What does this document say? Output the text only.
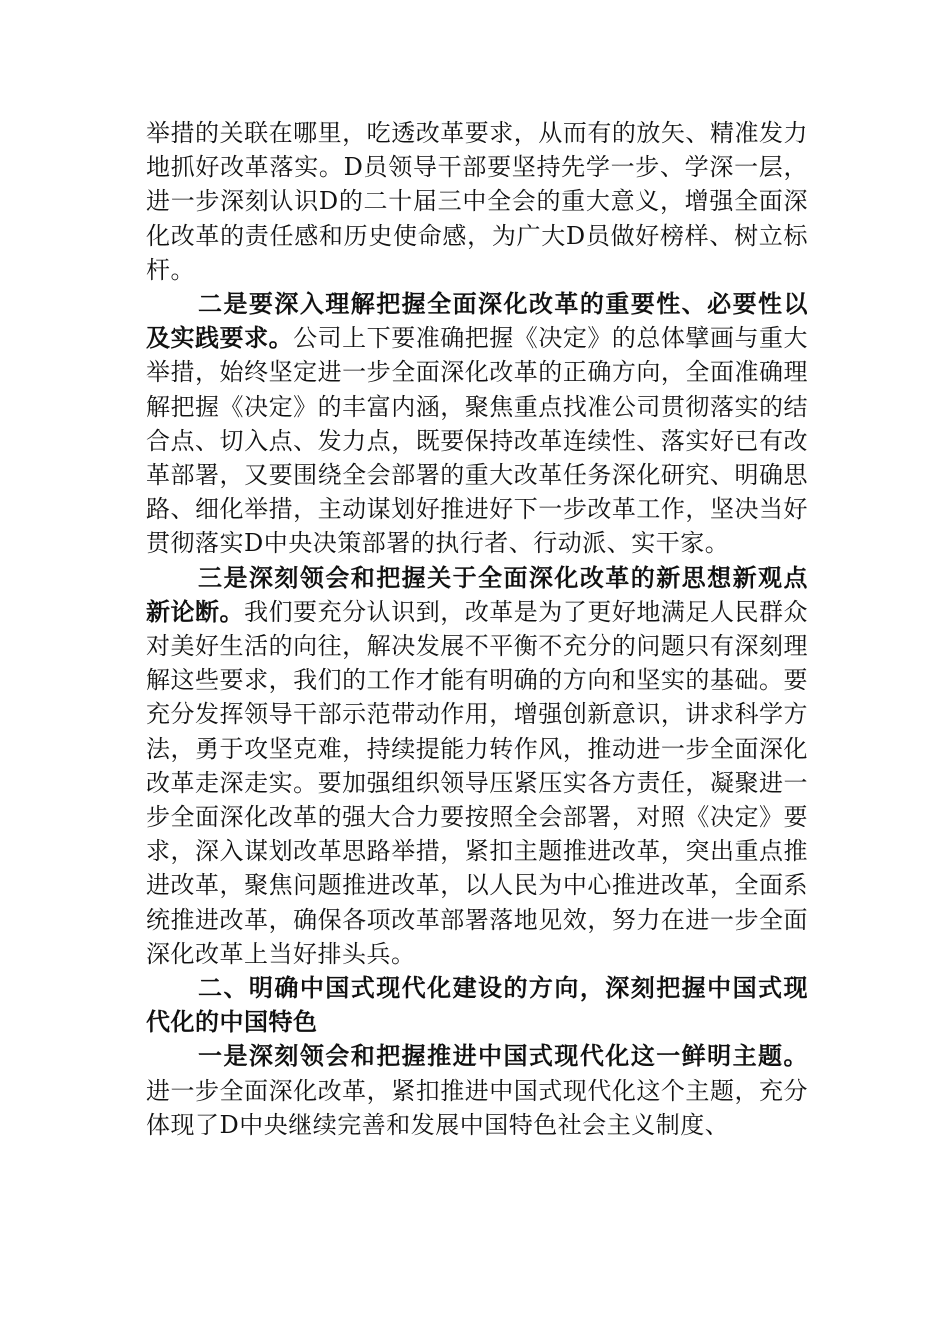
举措的关联在哪里，吃透改革要求，从而有的放矢、精准发力地抓好改革落实。D员领导干部要坚持先学一步、学深一层，进一步深刻认识D的二十届三中全会的重大意义，增强全面深化改革的责任感和历史使命感，为广大D员做好榜样、树立标杆。

二是要深入理解把握全面深化改革的重要性、必要性以及实践要求。公司上下要准确把握《决定》的总体擘画与重大举措，始终坚定进一步全面深化改革的正确方向，全面准确理解把握《决定》的丰富内涵，聚焦重点找准公司贯彻落实的结合点、切入点、发力点，既要保持改革连续性、落实好已有改革部署，又要围绕全会部署的重大改革任务深化研究、明确思路、细化举措，主动谋划好推进好下一步改革工作，坚决当好贯彻落实D中央决策部署的执行者、行动派、实干家。

三是深刻领会和把握关于全面深化改革的新思想新观点新论断。我们要充分认识到，改革是为了更好地满足人民群众对美好生活的向往，解决发展不平衡不充分的问题只有深刻理解这些要求，我们的工作才能有明确的方向和坚实的基础。要充分发挥领导干部示范带动作用，增强创新意识，讲求科学方法，勇于攻坚克难，持续提能力转作风，推动进一步全面深化改革走深走实。要加强组织领导压紧压实各方责任，凝聚进一步全面深化改革的强大合力要按照全会部署，对照《决定》要求，深入谋划改革思路举措，紧扣主题推进改革，突出重点推进改革，聚焦问题推进改革，以人民为中心推进改革，全面系统推进改革，确保各项改革部署落地见效，努力在进一步全面深化改革上当好排头兵。

二、明确中国式现代化建设的方向，深刻把握中国式现代化的中国特色

一是深刻领会和把握推进中国式现代化这一鲜明主题。进一步全面深化改革，紧扣推进中国式现代化这个主题，充分体现了D中央继续完善和发展中国特色社会主义制度、
